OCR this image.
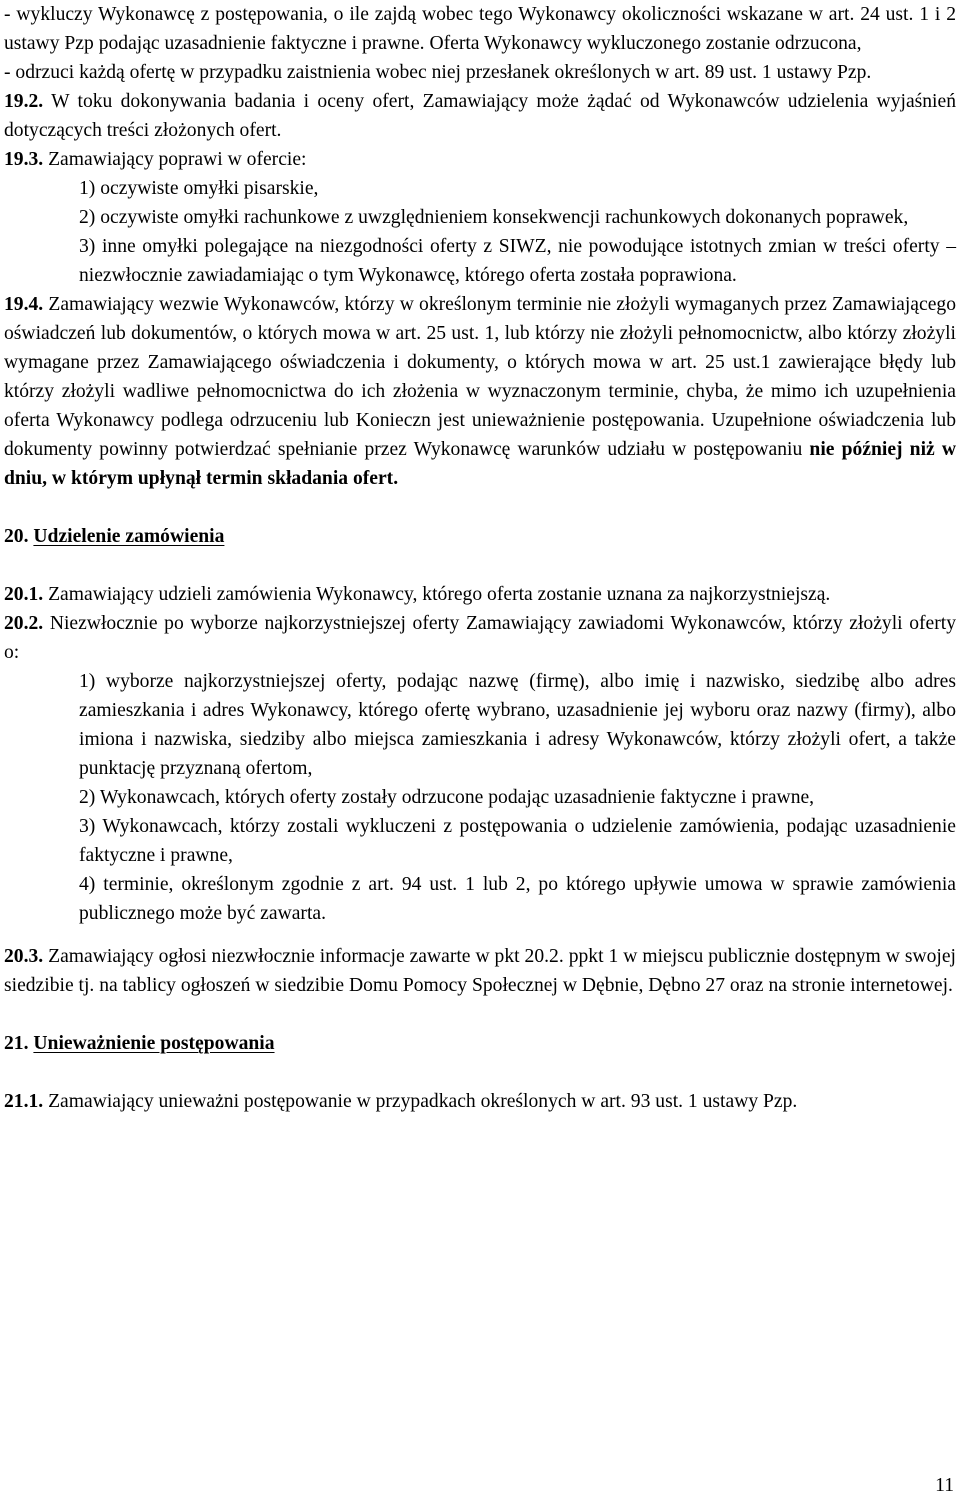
- wykluczy Wykonawcę z postępowania, o ile zajdą wobec tego Wykonawcy okoliczności wskazane w art. 24 ust. 1 i 2 ustawy Pzp podając uzasadnienie faktyczne i prawne. Oferta Wykonawcy wykluczonego zostanie odrzucona,

- odrzuci każdą ofertę w przypadku zaistnienia wobec niej przesłanek określonych w art. 89 ust. 1 ustawy Pzp.

19.2. W toku dokonywania badania i oceny ofert, Zamawiający może żądać od Wykonawców udzielenia wyjaśnień dotyczących treści złożonych ofert.

19.3. Zamawiający poprawi w ofercie:

1) oczywiste omyłki pisarskie,

2) oczywiste omyłki rachunkowe z uwzględnieniem konsekwencji rachunkowych dokonanych poprawek,

3) inne omyłki polegające na niezgodności oferty z SIWZ, nie powodujące istotnych zmian w treści oferty – niezwłocznie zawiadamiając o tym Wykonawcę, którego oferta została poprawiona.

19.4. Zamawiający wezwie Wykonawców, którzy w określonym terminie nie złożyli wymaganych przez Zamawiającego oświadczeń lub dokumentów, o których mowa w art. 25 ust. 1, lub którzy nie złożyli pełnomocnictw, albo którzy złożyli wymagane przez Zamawiającego oświadczenia i dokumenty, o których mowa w art. 25 ust.1 zawierające błędy lub którzy złożyli wadliwe pełnomocnictwa do ich złożenia w wyznaczonym terminie, chyba, że mimo ich uzupełnienia oferta Wykonawcy podlega odrzuceniu lub Konieczn jest unieważnienie postępowania. Uzupełnione oświadczenia lub dokumenty powinny potwierdzać spełnianie przez Wykonawcę warunków udziału w postępowaniu nie później niż w dniu, w którym upłynął termin składania ofert.

20. Udzielenie zamówienia

20.1. Zamawiający udzieli zamówienia Wykonawcy, którego oferta zostanie uznana za najkorzystniejszą.

20.2. Niezwłocznie po wyborze najkorzystniejszej oferty Zamawiający zawiadomi Wykonawców, którzy złożyli oferty o:

1) wyborze najkorzystniejszej oferty, podając nazwę (firmę), albo imię i nazwisko, siedzibę albo adres zamieszkania i adres Wykonawcy, którego ofertę wybrano, uzasadnienie jej wyboru oraz nazwy (firmy), albo imiona i nazwiska, siedziby albo miejsca zamieszkania i adresy Wykonawców, którzy złożyli ofert, a także punktację przyznaną ofertom,

2) Wykonawcach, których oferty zostały odrzucone podając uzasadnienie faktyczne i prawne,

3) Wykonawcach, którzy zostali wykluczeni z postępowania o udzielenie zamówienia, podając uzasadnienie faktyczne i prawne,

4) terminie, określonym zgodnie z art. 94 ust. 1 lub 2, po którego upływie umowa w sprawie zamówienia publicznego może być zawarta.

20.3. Zamawiający ogłosi niezwłocznie informacje zawarte w pkt 20.2. ppkt 1 w miejscu publicznie dostępnym w swojej siedzibie tj. na tablicy ogłoszeń w siedzibie Domu Pomocy Społecznej w Dębnie, Dębno 27 oraz na stronie internetowej.

21. Unieważnienie postępowania

21.1. Zamawiający unieważni postępowanie w przypadkach określonych w art. 93 ust. 1 ustawy Pzp.

11
